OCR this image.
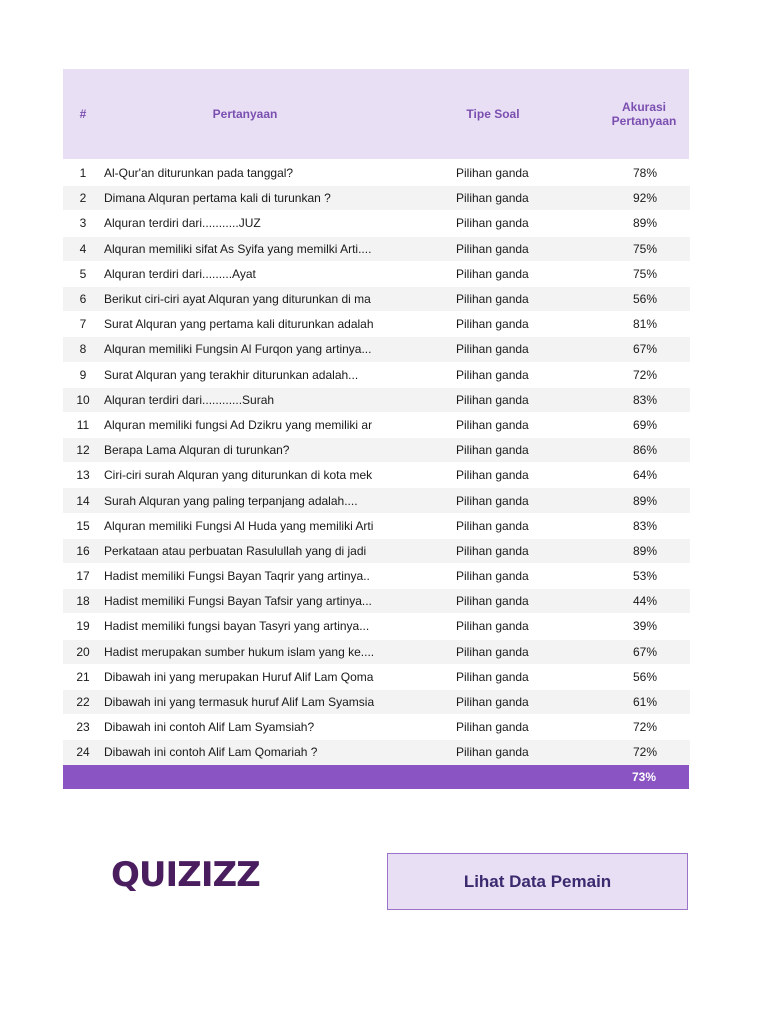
#	Pertanyaan	Tipe Soal	Akurasi
Pertanyaan
1	Al-Qur'an diturunkan pada tanggal?	Pilihan ganda	78%
2	Dimana Alquran pertama kali di turunkan ?	Pilihan ganda	92%
3	Alquran terdiri dari...........JUZ	Pilihan ganda	89%
4	Alquran memiliki sifat As Syifa yang memilki Arti....	Pilihan ganda	75%
5	Alquran terdiri dari.........Ayat	Pilihan ganda	75%
6	Berikut ciri-ciri ayat Alquran yang diturunkan di ma	Pilihan ganda	56%
7	Surat Alquran yang pertama kali diturunkan adalah	Pilihan ganda	81%
8	Alquran memiliki Fungsin Al Furqon yang artinya...	Pilihan ganda	67%
9	Surat Alquran yang terakhir diturunkan adalah...	Pilihan ganda	72%
10	Alquran terdiri dari............Surah	Pilihan ganda	83%
11	Alquran memiliki fungsi Ad Dzikru yang memiliki ar	Pilihan ganda	69%
12	Berapa Lama Alquran di turunkan?	Pilihan ganda	86%
13	Ciri-ciri surah Alquran yang diturunkan di kota mek	Pilihan ganda	64%
14	Surah Alquran yang paling terpanjang adalah....	Pilihan ganda	89%
15	Alquran memiliki Fungsi Al Huda yang memiliki Arti	Pilihan ganda	83%
16	Perkataan atau perbuatan Rasulullah yang di jadi	Pilihan ganda	89%
17	Hadist memiliki Fungsi Bayan Taqrir yang artinya..	Pilihan ganda	53%
18	Hadist memiliki Fungsi Bayan Tafsir yang artinya...	Pilihan ganda	44%
19	Hadist memiliki fungsi bayan Tasyri yang artinya...	Pilihan ganda	39%
20	Hadist merupakan sumber hukum islam yang ke....	Pilihan ganda	67%
21	Dibawah ini yang merupakan Huruf Alif Lam Qoma	Pilihan ganda	56%
22	Dibawah ini yang termasuk huruf Alif Lam Syamsia	Pilihan ganda	61%
23	Dibawah ini contoh Alif Lam Syamsiah?	Pilihan ganda	72%
24	Dibawah ini contoh Alif Lam Qomariah ?	Pilihan ganda	72%
73%
QUIZIZZ	Lihat Data Pemain
